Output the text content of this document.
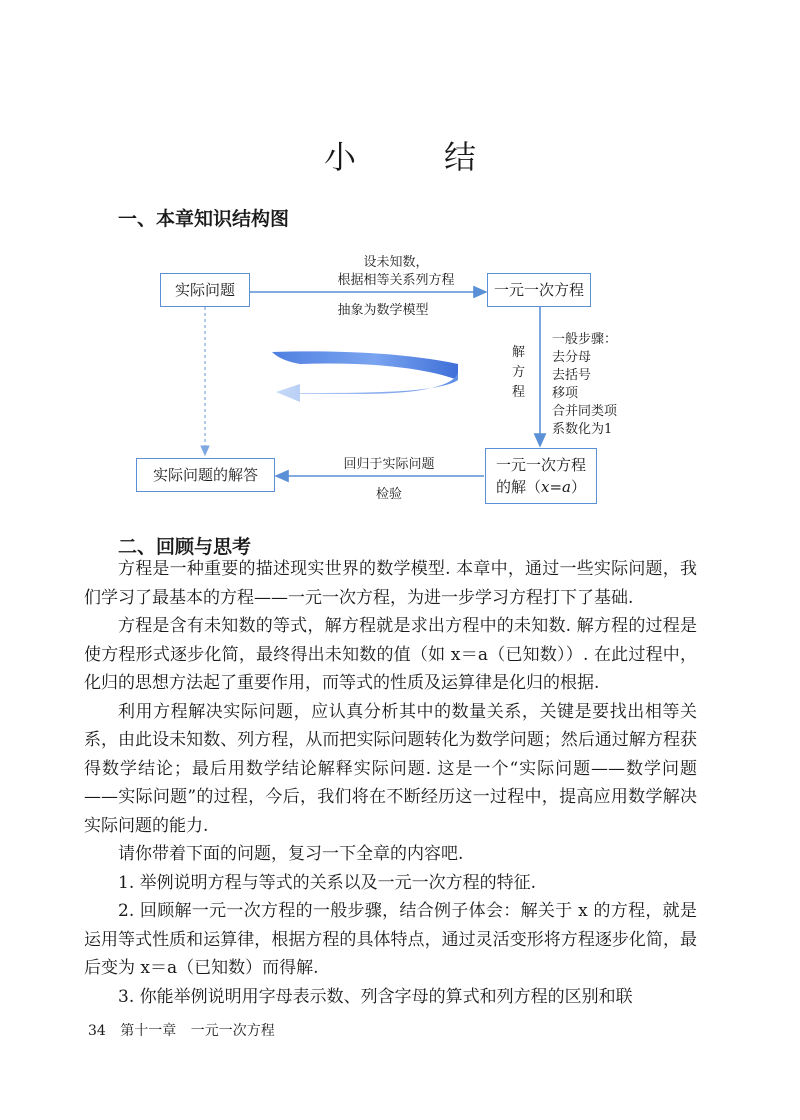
小　结
一、本章知识结构图
实际问题	一元一次方程
实际问题的解答
一元一次方程
的解（x=a）
设未知数，
根据相等关系列方程
抽象为数学模型
解方程
一般步骤：
去分母
去括号
移项
合并同类项
系数化为1
回归于实际问题
检验
二、回顾与思考

方程是一种重要的描述现实世界的数学模型. 本章中，通过一些实际问题，我们学习了最基本的方程——一元一次方程，为进一步学习方程打下了基础.

方程是含有未知数的等式，解方程就是求出方程中的未知数. 解方程的过程是使方程形式逐步化简，最终得出未知数的值（如 x＝a（已知数））. 在此过程中，化归的思想方法起了重要作用，而等式的性质及运算律是化归的根据.

利用方程解决实际问题，应认真分析其中的数量关系，关键是要找出相等关系，由此设未知数、列方程，从而把实际问题转化为数学问题；然后通过解方程获得数学结论；最后用数学结论解释实际问题. 这是一个“实际问题——数学问题——实际问题”的过程，今后，我们将在不断经历这一过程中，提高应用数学解决实际问题的能力.

请你带着下面的问题，复习一下全章的内容吧.

1. 举例说明方程与等式的关系以及一元一次方程的特征.

2. 回顾解一元一次方程的一般步骤，结合例子体会：解关于 x 的方程，就是运用等式性质和运算律，根据方程的具体特点，通过灵活变形将方程逐步化简，最后变为 x＝a（已知数）而得解.

3. 你能举例说明用字母表示数、列含字母的算式和列方程的区别和联

34 第十一章 一元一次方程
